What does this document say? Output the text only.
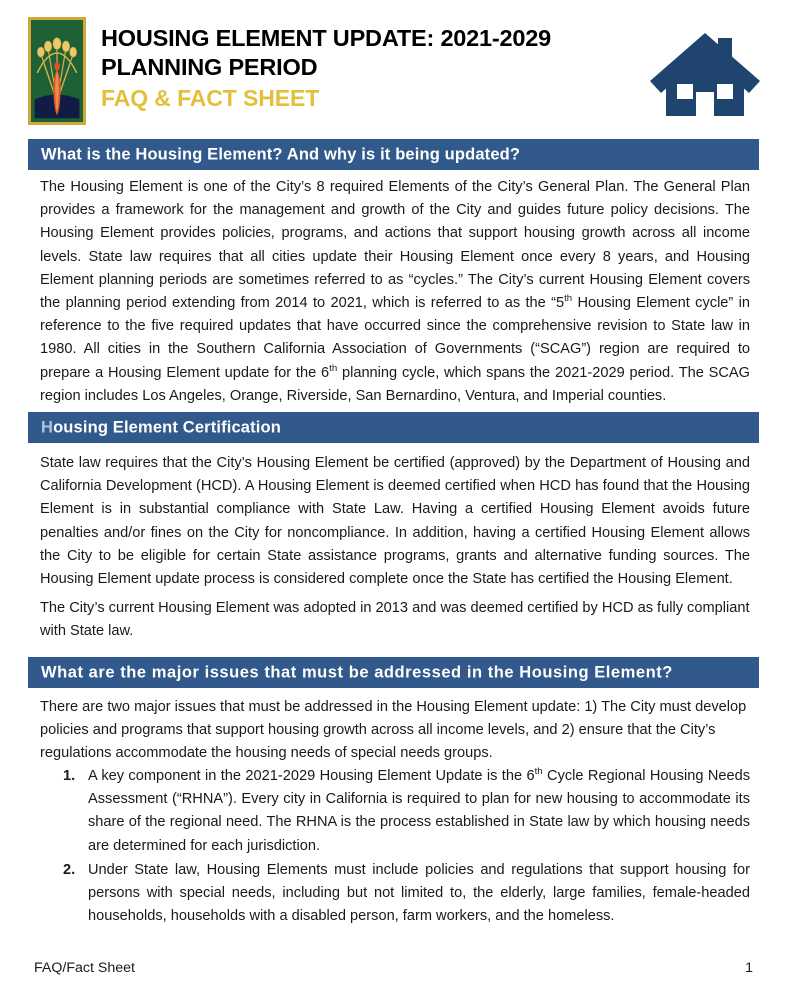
HOUSING ELEMENT UPDATE: 2021-2029
PLANNING PERIOD
FAQ & FACT SHEET
What is the Housing Element? And why is it being updated?
The Housing Element is one of the City’s 8 required Elements of the City’s General Plan. The General Plan provides a framework for the management and growth of the City and guides future policy decisions. The Housing Element provides policies, programs, and actions that support housing growth across all income levels. State law requires that all cities update their Housing Element once every 8 years, and Housing Element planning periods are sometimes referred to as “cycles.” The City’s current Housing Element covers the planning period extending from 2014 to 2021, which is referred to as the “5th Housing Element cycle” in reference to the five required updates that have occurred since the comprehensive revision to State law in 1980. All cities in the Southern California Association of Governments (“SCAG”) region are required to prepare a Housing Element update for the 6th planning cycle, which spans the 2021-2029 period. The SCAG region includes Los Angeles, Orange, Riverside, San Bernardino, Ventura, and Imperial counties.
Housing Element Certification
State law requires that the City’s Housing Element be certified (approved) by the Department of Housing and California Development (HCD). A Housing Element is deemed certified when HCD has found that the Housing Element is in substantial compliance with State Law. Having a certified Housing Element avoids future penalties and/or fines on the City for noncompliance. In addition, having a certified Housing Element allows the City to be eligible for certain State assistance programs, grants and alternative funding sources. The Housing Element update process is considered complete once the State has certified the Housing Element.
The City’s current Housing Element was adopted in 2013 and was deemed certified by HCD as fully compliant with State law.
What are the major issues that must be addressed in the Housing Element?
There are two major issues that must be addressed in the Housing Element update: 1) The City must develop policies and programs that support housing growth across all income levels, and 2) ensure that the City’s regulations accommodate the housing needs of special needs groups.
1. A key component in the 2021-2029 Housing Element Update is the 6th Cycle Regional Housing Needs Assessment (“RHNA”). Every city in California is required to plan for new housing to accommodate its share of the regional need. The RHNA is the process established in State law by which housing needs are determined for each jurisdiction.
2. Under State law, Housing Elements must include policies and regulations that support housing for persons with special needs, including but not limited to, the elderly, large families, female-headed households, households with a disabled person, farm workers, and the homeless.
FAQ/Fact Sheet	1
